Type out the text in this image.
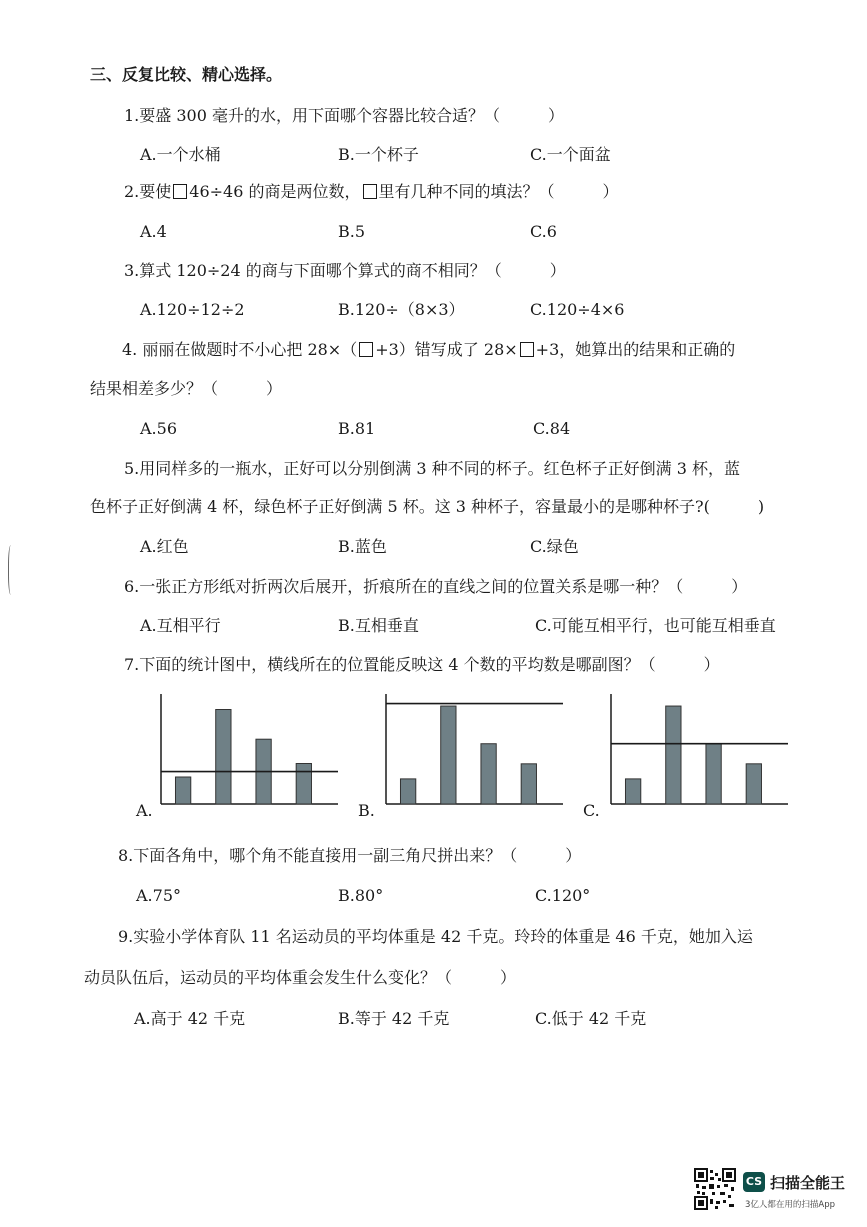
三、反复比较、精心选择。
1.要盛 300 毫升的水，用下面哪个容器比较合适？（　　　）
A.一个水桶	B.一个杯子	C.一个面盆
2.要使 46÷46 的商是两位数， 里有几种不同的填法？（　　　）
A.4	B.5	C.6
3.算式 120÷24 的商与下面哪个算式的商不相同？（　　　）
A.120÷12÷2	B.120÷（8×3）	C.120÷4×6
4. 丽丽在做题时不小心把 28×（ +3）错写成了 28× +3，她算出的结果和正确的
结果相差多少？（　　　）
A.56	B.81	C.84
5.用同样多的一瓶水，正好可以分别倒满 3 种不同的杯子。红色杯子正好倒满 3 杯，蓝
色杯子正好倒满 4 杯，绿色杯子正好倒满 5 杯。这 3 种杯子，容量最小的是哪种杯子?(　　　)
A.红色	B.蓝色	C.绿色
6.一张正方形纸对折两次后展开，折痕所在的直线之间的位置关系是哪一种？（　　　）
A.互相平行	B.互相垂直	C.可能互相平行，也可能互相垂直
7.下面的统计图中，横线所在的位置能反映这 4 个数的平均数是哪副图？（　　　）
A.	B.	C.
8.下面各角中，哪个角不能直接用一副三角尺拼出来？（　　　）
A.75°	B.80°	C.120°
9.实验小学体育队 11 名运动员的平均体重是 42 千克。玲玲的体重是 46 千克，她加入运
动员队伍后，运动员的平均体重会发生什么变化？（　　　）
A.高于 42 千克	B.等于 42 千克	C.低于 42 千克
CS 扫描全能王
3亿人都在用的扫描App
